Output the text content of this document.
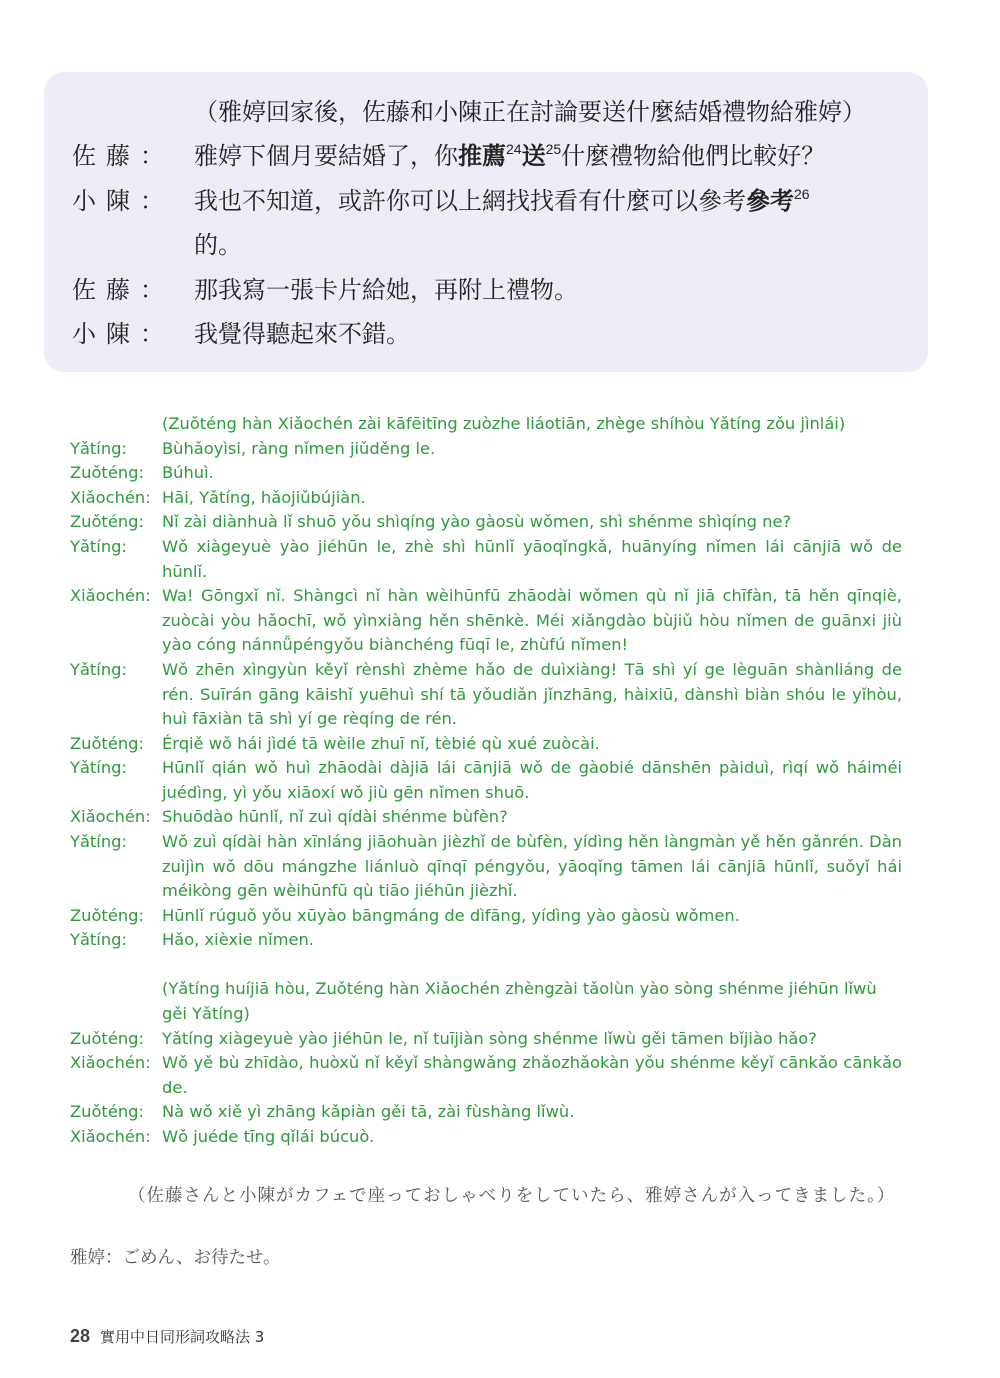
（雅婷回家後，佐藤和小陳正在討論要送什麼結婚禮物給雅婷）
佐藤： 雅婷下個月要結婚了，你推薦$^{24}$送$^{25}$什麼禮物給他們比較好？
小陳： 我也不知道，或許你可以上網找找看有什麼可以參考參考$^{26}$
的。
佐藤： 那我寫一張卡片給她，再附上禮物。
小陳： 我覺得聽起來不錯。
(Zuǒténg hàn Xiǎochén zài kāfēitīng zuòzhe liáotiān, zhège shíhòu Yǎtíng zǒu jìnlái)
Yǎtíng:	Bùhǎoyìsi, ràng nǐmen jiǔděng le.
Zuǒténg:	Búhuì.
Xiǎochén: Hāi, Yǎtíng, hǎojiǔbújiàn.
Zuǒténg:	Nǐ zài diànhuà lǐ shuō yǒu shìqíng yào gàosù wǒmen, shì shénme shìqíng ne?
Yǎtíng:	Wǒ xiàgeyuè yào jiéhūn le, zhè shì hūnlǐ yāoqǐngkǎ, huānyíng nǐmen lái cānjiā wǒ de hūnlǐ.
Xiǎochén: Wa! Gōngxǐ nǐ. Shàngcì nǐ hàn wèihūnfū zhāodài wǒmen qù nǐ jiā chīfàn, tā hěn qīnqiè, zuòcài yòu hǎochī, wǒ yìnxiàng hěn shēnkè. Méi xiǎngdào bùjiǔ hòu nǐmen de guānxi jiù yào cóng nánnǚpéngyǒu biànchéng fūqī le, zhùfú nǐmen!
Yǎtíng:	Wǒ zhēn xìngyùn kěyǐ rènshì zhème hǎo de duìxiàng! Tā shì yí ge lèguān shànliáng de rén. Suīrán gāng kāishǐ yuēhuì shí tā yǒudiǎn jǐnzhāng, hàixiū, dànshì biàn shóu le yǐhòu, huì fāxiàn tā shì yí ge rèqíng de rén.
Zuǒténg:	Érqiě wǒ hái jìdé tā wèile zhuī nǐ, tèbié qù xué zuòcài.
Yǎtíng:	Hūnlǐ qián wǒ huì zhāodài dàjiā lái cānjiā wǒ de gàobié dānshēn pàiduì, rìqí wǒ háiméi juédìng, yì yǒu xiāoxí wǒ jiù gēn nǐmen shuō.
Xiǎochén: Shuōdào hūnlǐ, nǐ zuì qídài shénme bùfèn?
Yǎtíng:	Wǒ zuì qídài hàn xīnláng jiāohuàn jièzhǐ de bùfèn, yídìng hěn làngmàn yě hěn gǎnrén. Dàn zuìjìn wǒ dōu mángzhe liánluò qīnqī péngyǒu, yāoqǐng tāmen lái cānjiā hūnlǐ, suǒyǐ hái méikòng gēn wèihūnfū qù tiāo jiéhūn jièzhǐ.
Zuǒténg:	Hūnlǐ rúguǒ yǒu xūyào bāngmáng de dìfāng, yídìng yào gàosù wǒmen.
Yǎtíng:	Hǎo, xièxie nǐmen.
(Yǎtíng huíjiā hòu, Zuǒténg hàn Xiǎochén zhèngzài tǎolùn yào sòng shénme jiéhūn lǐwù gěi Yǎtíng)
Zuǒténg:	Yǎtíng xiàgeyuè yào jiéhūn le, nǐ tuījiàn sòng shénme lǐwù gěi tāmen bǐjiào hǎo?
Xiǎochén: Wǒ yě bù zhīdào, huòxǔ nǐ kěyǐ shàngwǎng zhǎozhǎokàn yǒu shénme kěyǐ cānkǎo cānkǎo de.
Zuǒténg:	Nà wǒ xiě yì zhāng kǎpiàn gěi tā, zài fùshàng lǐwù.
Xiǎochén: Wǒ juéde tīng qǐlái búcuò.
（佐藤さんと小陳がカフェで座っておしゃべりをしていたら、雅婷さんが入ってきました。）
雅婷：ごめん、お待たせ。
28 實用中日同形詞攻略法 3
